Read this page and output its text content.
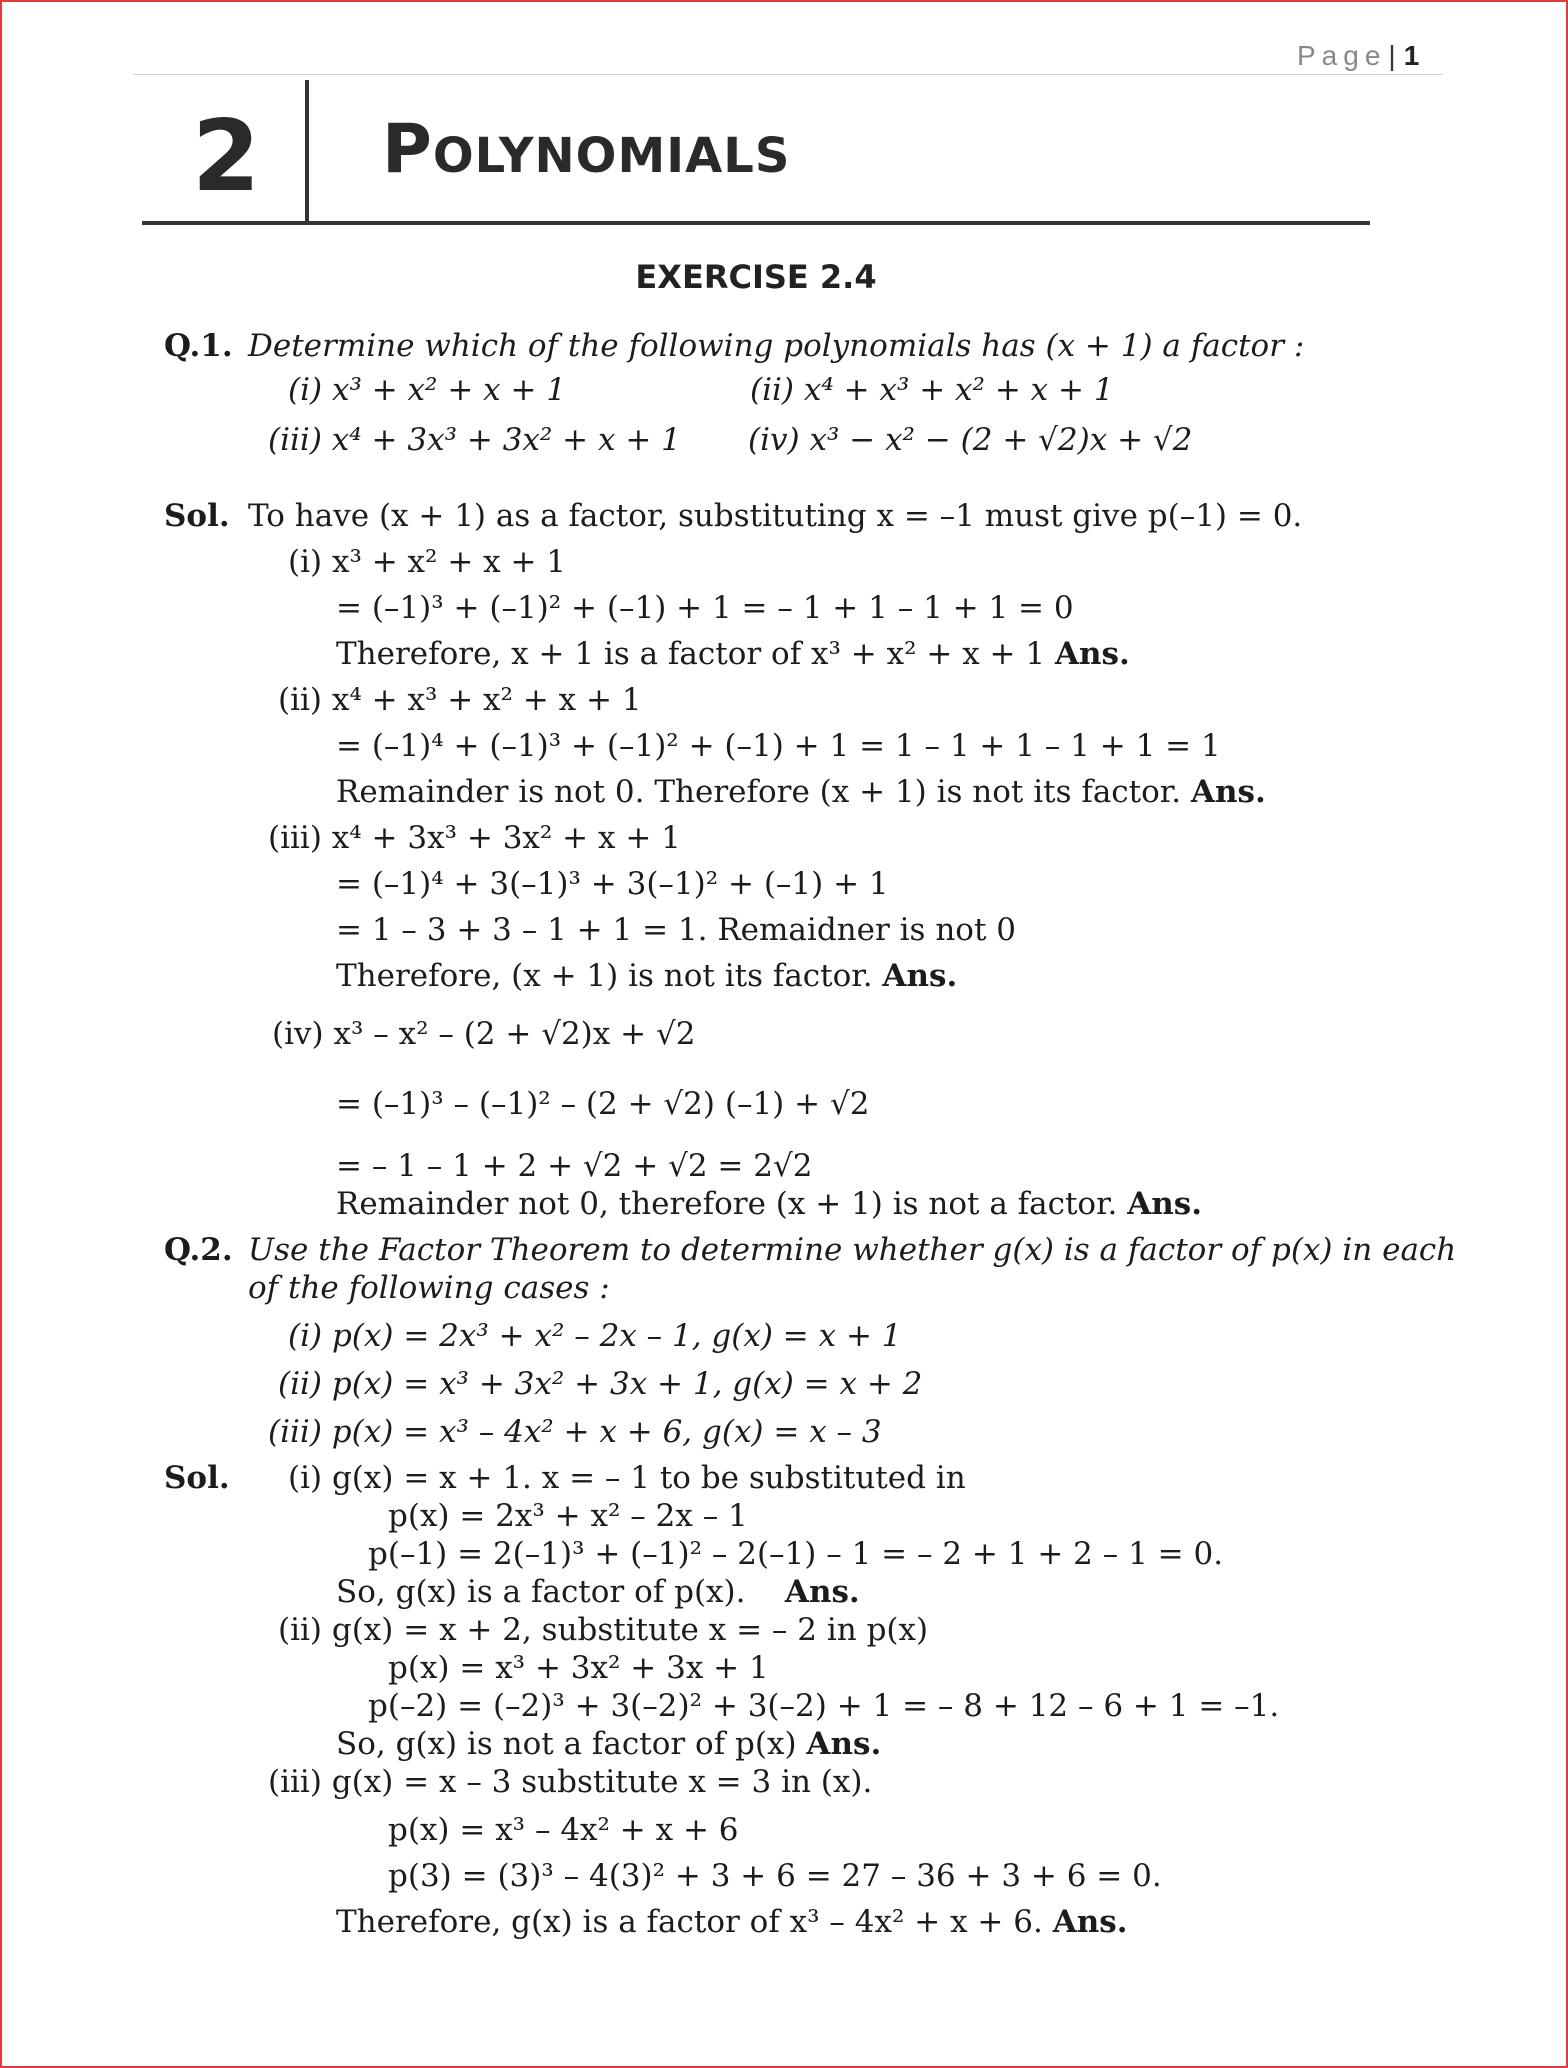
Page| 1
2 Polynomials
EXERCISE 2.4
Q.1. Determine which of the following polynomials has (x + 1) a factor :
(i) x³ + x² + x + 1	(ii) x⁴ + x³ + x² + x + 1
(iii) x⁴ + 3x³ + 3x² + x + 1 (iv) x³ − x² − (2 + √2)x + √2
Sol. To have (x + 1) as a factor, substituting x = –1 must give p(–1) = 0.
(i) x³ + x² + x + 1
= (–1)³ + (–1)² + (–1) + 1 = – 1 + 1 – 1 + 1 = 0
Therefore, x + 1 is a factor of x³ + x² + x + 1 Ans.
(ii) x⁴ + x³ + x² + x + 1
= (–1)⁴ + (–1)³ + (–1)² + (–1) + 1 = 1 – 1 + 1 – 1 + 1 = 1
Remainder is not 0. Therefore (x + 1) is not its factor. Ans.
(iii) x⁴ + 3x³ + 3x² + x + 1
= (–1)⁴ + 3(–1)³ + 3(–1)² + (–1) + 1
= 1 – 3 + 3 – 1 + 1 = 1. Remaidner is not 0
Therefore, (x + 1) is not its factor. Ans.
(iv) x³ – x² – (2 + √2)x + √2
= (–1)³ – (–1)² – (2 + √2) (–1) + √2
= – 1 – 1 + 2 + √2 + √2 = 2√2
Remainder not 0, therefore (x + 1) is not a factor. Ans.
Q.2. Use the Factor Theorem to determine whether g(x) is a factor of p(x) in each
of the following cases :
(i) p(x) = 2x³ + x² – 2x – 1, g(x) = x + 1
(ii) p(x) = x³ + 3x² + 3x + 1, g(x) = x + 2
(iii) p(x) = x³ – 4x² + x + 6, g(x) = x – 3
Sol. (i) g(x) = x + 1. x = – 1 to be substituted in
p(x) = 2x³ + x² – 2x – 1
p(–1) = 2(–1)³ + (–1)² – 2(–1) – 1 = – 2 + 1 + 2 – 1 = 0.
So, g(x) is a factor of p(x). Ans.
(ii) g(x) = x + 2, substitute x = – 2 in p(x)
p(x) = x³ + 3x² + 3x + 1
p(–2) = (–2)³ + 3(–2)² + 3(–2) + 1 = – 8 + 12 – 6 + 1 = –1.
So, g(x) is not a factor of p(x) Ans.
(iii) g(x) = x – 3 substitute x = 3 in (x).
p(x) = x³ – 4x² + x + 6
p(3) = (3)³ – 4(3)² + 3 + 6 = 27 – 36 + 3 + 6 = 0.
Therefore, g(x) is a factor of x³ – 4x² + x + 6. Ans.
